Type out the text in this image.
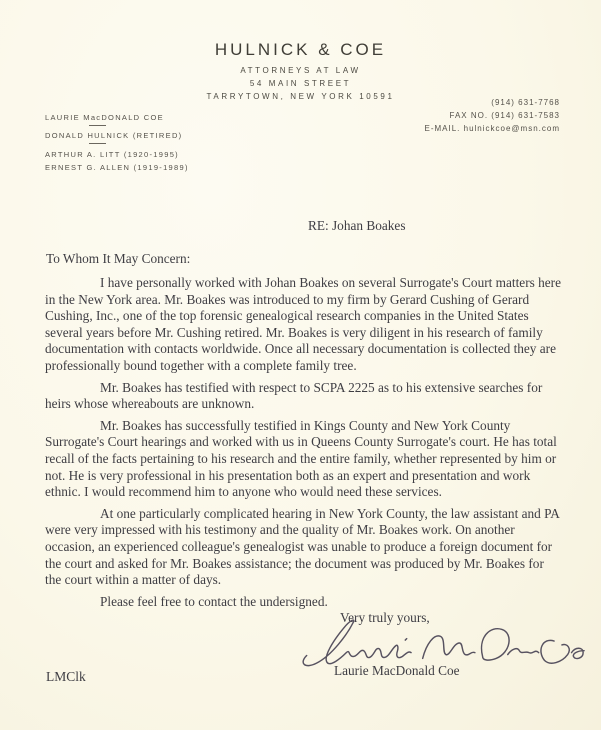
HULNICK & COE
ATTORNEYS AT LAW
54 MAIN STREET
TARRYTOWN, NEW YORK 10591
LAURIE MacDONALD COE
DONALD HULNICK (RETIRED)
ARTHUR A. LITT (1920-1995)
ERNEST G. ALLEN (1919-1989)
(914) 631-7768
FAX NO. (914) 631-7583
E-MAIL. hulnickcoe@msn.com
RE: Johan Boakes
To Whom It May Concern:

I have personally worked with Johan Boakes on several Surrogate's Court matters here in the New York area. Mr. Boakes was introduced to my firm by Gerard Cushing of Gerard Cushing, Inc., one of the top forensic genealogical research companies in the United States several years before Mr. Cushing retired. Mr. Boakes is very diligent in his research of family documentation with contacts worldwide. Once all necessary documentation is collected they are professionally bound together with a complete family tree.

Mr. Boakes has testified with respect to SCPA 2225 as to his extensive searches for heirs whose whereabouts are unknown.

Mr. Boakes has successfully testified in Kings County and New York County Surrogate's Court hearings and worked with us in Queens County Surrogate's court. He has total recall of the facts pertaining to his research and the entire family, whether represented by him or not. He is very professional in his presentation both as an expert and presentation and work ethnic. I would recommend him to anyone who would need these services.

At one particularly complicated hearing in New York County, the law assistant and PA were very impressed with his testimony and the quality of Mr. Boakes work. On another occasion, an experienced colleague's genealogist was unable to produce a foreign document for the court and asked for Mr. Boakes assistance; the document was produced by Mr. Boakes for the court within a matter of days.

Please feel free to contact the undersigned.

Very truly yours,
Laurie MacDonald Coe
LMClk
